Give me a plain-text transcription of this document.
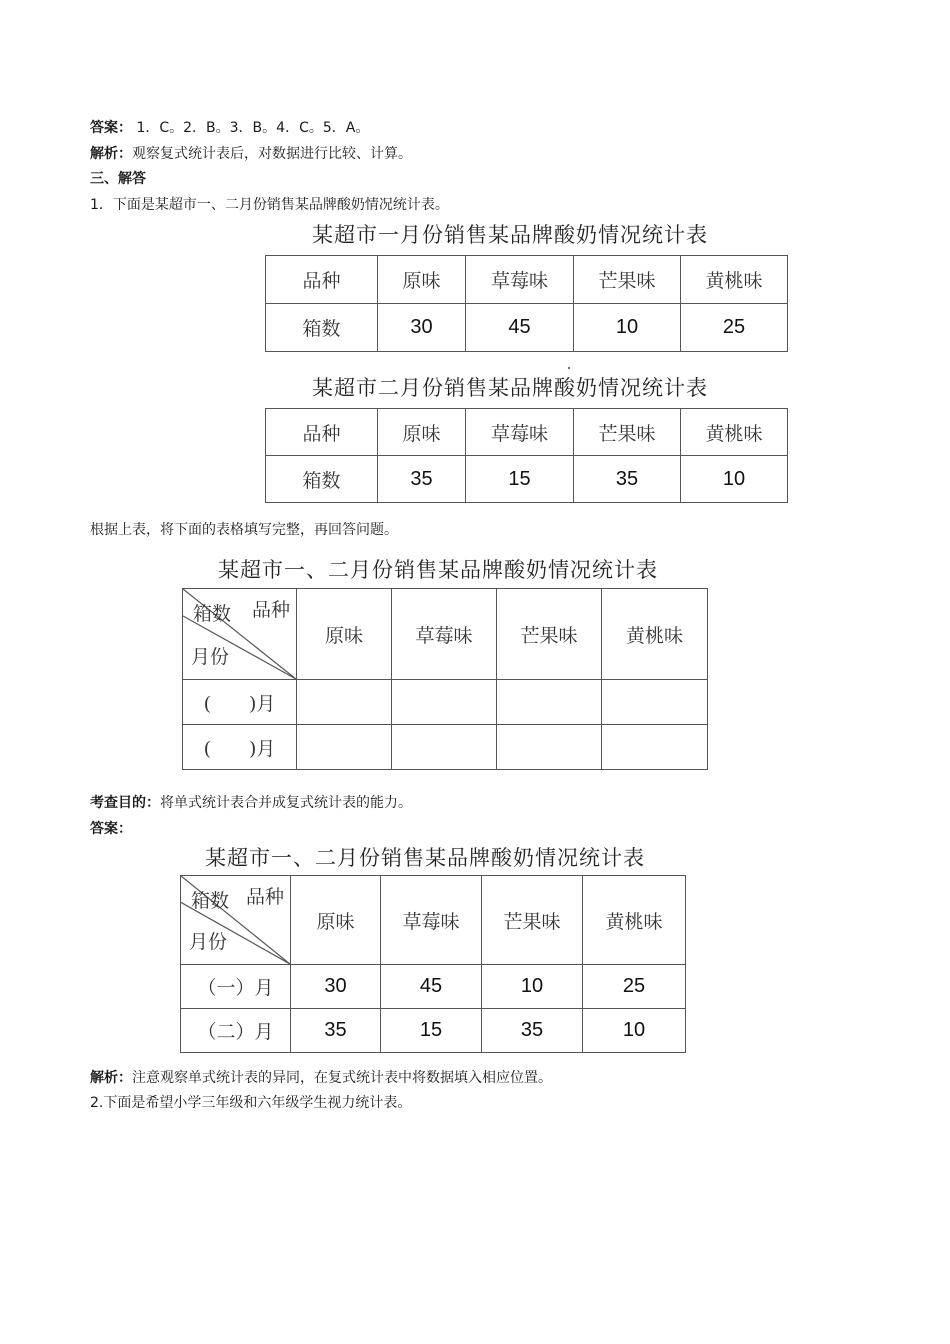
答案： 1．C。2．B。3．B。4．C。5．A。
解析：观察复式统计表后，对数据进行比较、计算。
三、解答
1．下面是某超市一、二月份销售某品牌酸奶情况统计表。
某超市一月份销售某品牌酸奶情况统计表
品种	原味	草莓味	芒果味	黄桃味
箱数	30	45	10	25
某超市二月份销售某品牌酸奶情况统计表
品种	原味	草莓味	芒果味	黄桃味
箱数	35	15	35	10
根据上表，将下面的表格填写完整，再回答问题。
某超市一、二月份销售某品牌酸奶情况统计表
品种
箱数
月份	原味	草莓味	芒果味	黄桃味
(　　)月				
(　　)月				
考查目的：将单式统计表合并成复式统计表的能力。
答案：
某超市一、二月份销售某品牌酸奶情况统计表
品种
箱数
月份	原味	草莓味	芒果味	黄桃味
（一）月	30	45	10	25
（二）月	35	15	35	10
解析：注意观察单式统计表的异同，在复式统计表中将数据填入相应位置。
2.下面是希望小学三年级和六年级学生视力统计表。
